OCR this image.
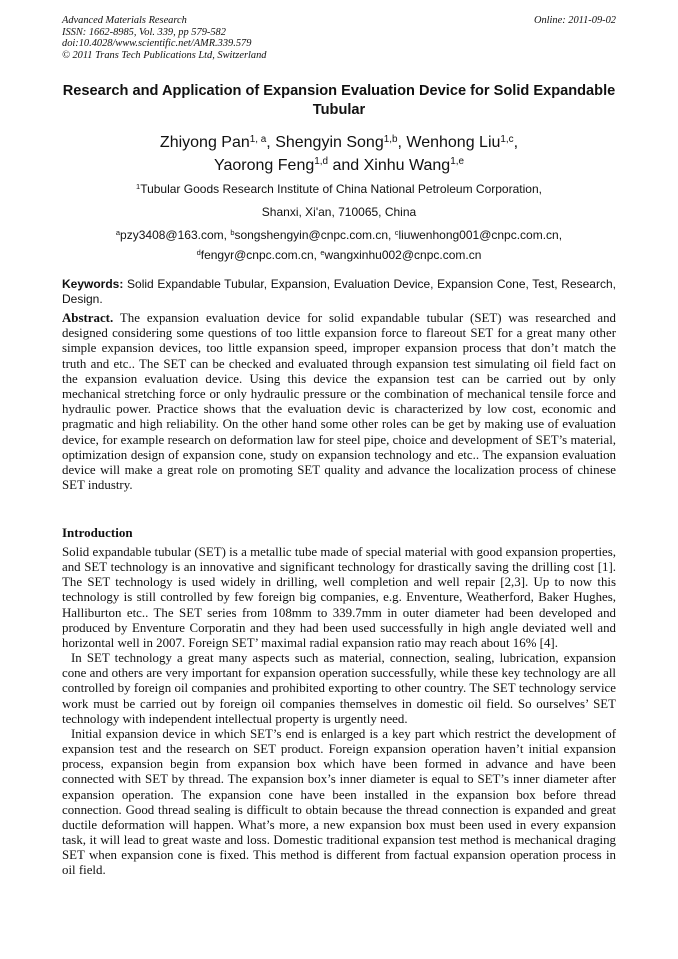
Advanced Materials Research
ISSN: 1662-8985, Vol. 339, pp 579-582
doi:10.4028/www.scientific.net/AMR.339.579
© 2011 Trans Tech Publications Ltd, Switzerland
Online: 2011-09-02
Research and Application of Expansion Evaluation Device for Solid Expandable Tubular
Zhiyong Pan$^{1, a}$, Shengyin Song$^{1,b}$, Wenhong Liu$^{1,c}$,
Yaorong Feng$^{1,d}$ and Xinhu Wang$^{1,e}$
$^1$Tubular Goods Research Institute of China National Petroleum Corporation,
Shanxi, Xi'an, 710065, China
$^a$pzy3408@163.com, $^b$songshengyin@cnpc.com.cn, $^c$liuwenhong001@cnpc.com.cn,
$^d$fengyr@cnpc.com.cn, $^e$wangxinhu002@cnpc.com.cn
Keywords: Solid Expandable Tubular, Expansion, Evaluation Device, Expansion Cone, Test, Research, Design.
Abstract. The expansion evaluation device for solid expandable tubular (SET) was researched and designed considering some questions of too little expansion force to flareout SET for a great many other simple expansion devices, too little expansion speed, improper expansion process that don’t match the truth and etc.. The SET can be checked and evaluated through expansion test simulating oil field fact on the expansion evaluation device. Using this device the expansion test can be carried out by only mechanical stretching force or only hydraulic pressure or the combination of mechanical tensile force and hydraulic power. Practice shows that the evaluation devic is characterized by low cost, economic and pragmatic and high reliability. On the other hand some other roles can be get by making use of evaluation device, for example research on deformation law for steel pipe, choice and development of SET’s material, optimization design of expansion cone, study on expansion technology and etc.. The expansion evaluation device will make a great role on promoting SET quality and advance the localization process of chinese SET industry.
Introduction

Solid expandable tubular (SET) is a metallic tube made of special material with good expansion properties, and SET technology is an innovative and significant technology for drastically saving the drilling cost [1]. The SET technology is used widely in drilling, well completion and well repair [2,3]. Up to now this technology is still controlled by few foreign big companies, e.g. Enventure, Weatherford, Baker Hughes, Halliburton etc.. The SET series from 108mm to 339.7mm in outer diameter had been developed and produced by Enventure Corporatin and they had been used successfully in high angle deviated well and horizontal well in 2007. Foreign SET’ maximal radial expansion ratio may reach about 16% [4].

In SET technology a great many aspects such as material, connection, sealing, lubrication, expansion cone and others are very important for expansion operation successfully, while these key technology are all controlled by foreign oil companies and prohibited exporting to other country. The SET technology service work must be carried out by foreign oil companies themselves in domestic oil field. So ourselves’ SET technology with independent intellectual property is urgently need.

Initial expansion device in which SET’s end is enlarged is a key part which restrict the development of expansion test and the research on SET product. Foreign expansion operation haven’t initial expansion process, expansion begin from expansion box which have been formed in advance and have been connected with SET by thread. The expansion box’s inner diameter is equal to SET’s inner diameter after expansion operation. The expansion cone have been installed in the expansion box before thread connection. Good thread sealing is difficult to obtain because the thread connection is expanded and great ductile deformation will happen. What’s more, a new expansion box must been used in every expansion task, it will lead to great waste and loss. Domestic traditional expansion test method is mechanical draging SET when expansion cone is fixed. This method is different from factual expansion operation process in oil field.
